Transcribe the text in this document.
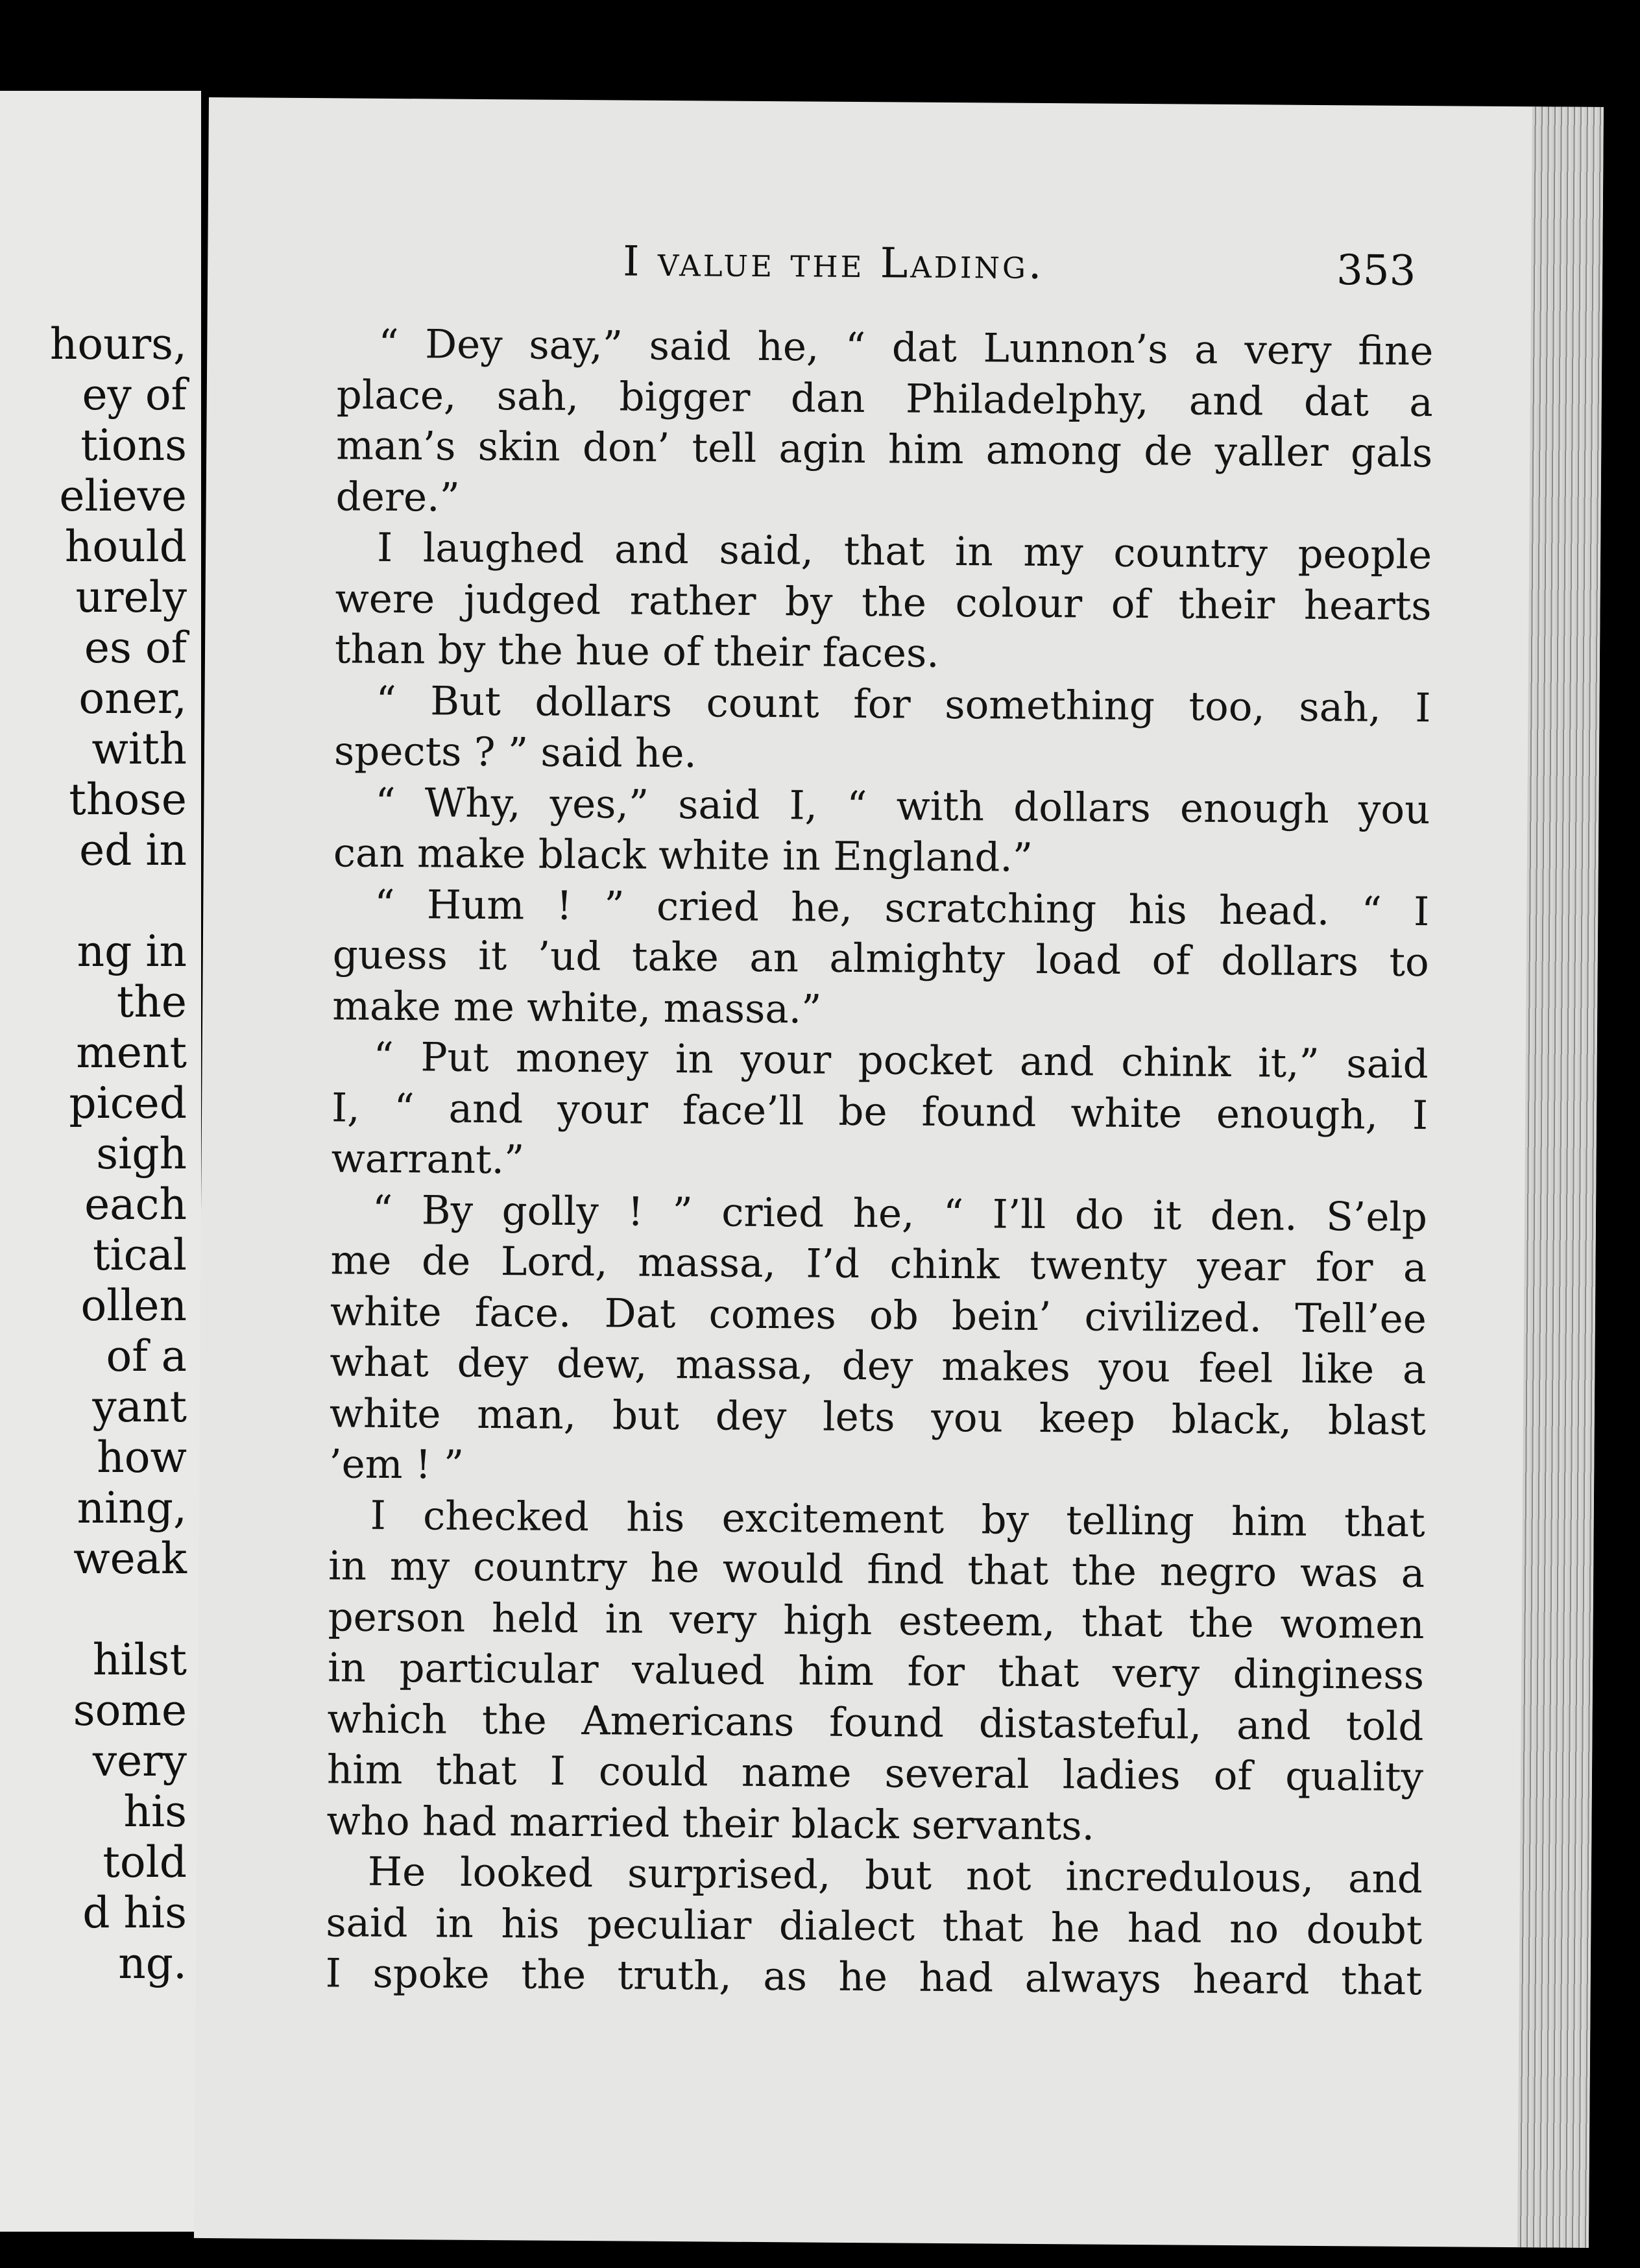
hours,
ey of
tions
elieve
hould
urely
es of
oner,
with
those
ed in
ng in
the
ment
piced
sigh
each
tical
ollen
of a
yant
how
ning,
weak
hilst
some
very
his
told
d his
ng.
I value the Lading.	353
“ Dey say,” said he, “ dat Lunnon’s a very fine
place, sah, bigger dan Philadelphy, and dat a
man’s skin don’ tell agin him among de yaller gals
dere.”
I laughed and said, that in my country people
were judged rather by the colour of their hearts
than by the hue of their faces.
“ But dollars count for something too, sah, I
spects ? ” said he.
“ Why, yes,” said I, “ with dollars enough you
can make black white in England.”
“ Hum ! ” cried he, scratching his head. “ I
guess it ’ud take an almighty load of dollars to
make me white, massa.”
“ Put money in your pocket and chink it,” said
I, “ and your face’ll be found white enough, I
warrant.”
“ By golly ! ” cried he, “ I’ll do it den. S’elp
me de Lord, massa, I’d chink twenty year for a
white face. Dat comes ob bein’ civilized. Tell’ee
what dey dew, massa, dey makes you feel like a
white man, but dey lets you keep black, blast
’em ! ”
I checked his excitement by telling him that
in my country he would find that the negro was a
person held in very high esteem, that the women
in particular valued him for that very dinginess
which the Americans found distasteful, and told
him that I could name several ladies of quality
who had married their black servants.
He looked surprised, but not incredulous, and
said in his peculiar dialect that he had no doubt
I spoke the truth, as he had always heard that
